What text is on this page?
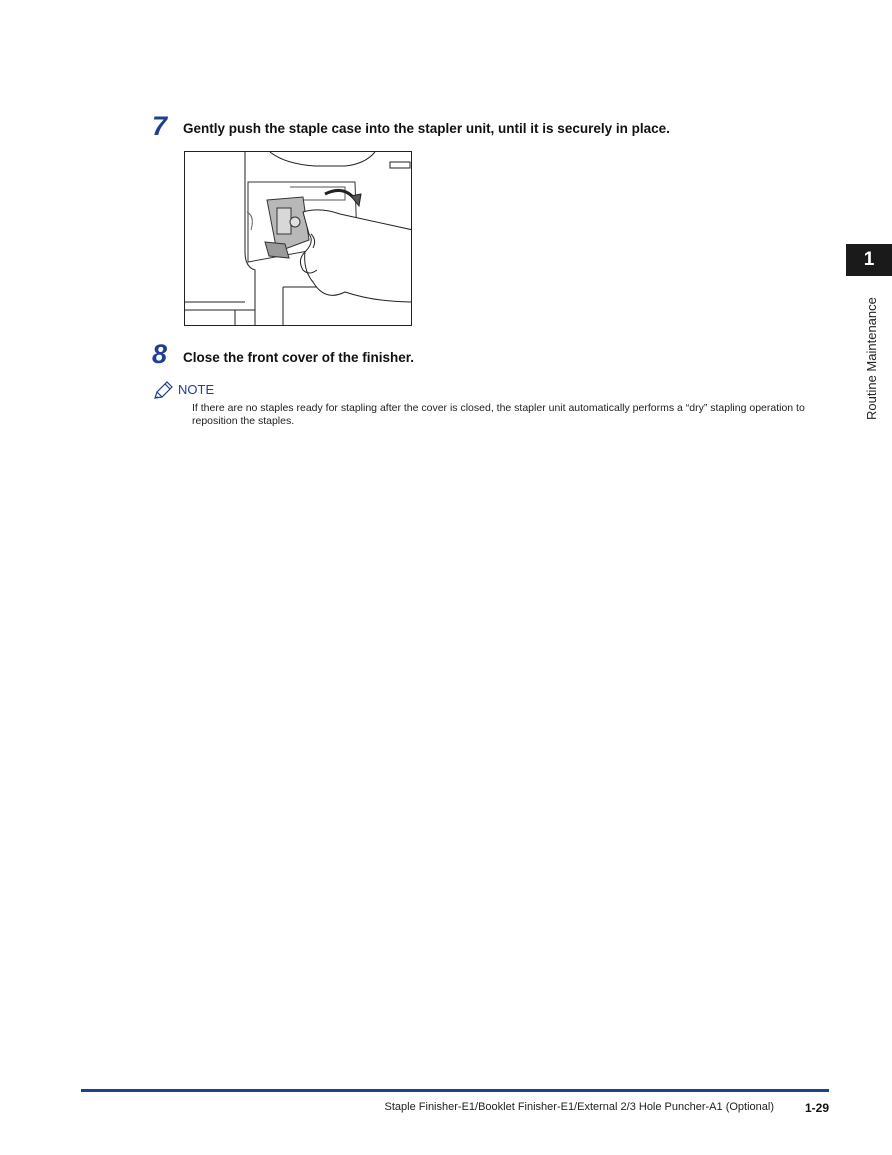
7 Gently push the staple case into the stapler unit, until it is securely in place.
8 Close the front cover of the finisher.
NOTE
If there are no staples ready for stapling after the cover is closed, the stapler unit automatically performs a “dry” stapling operation to reposition the staples.
1
Routine Maintenance
Staple Finisher-E1/Booklet Finisher-E1/External 2/3 Hole Puncher-A1 (Optional)	1-29
